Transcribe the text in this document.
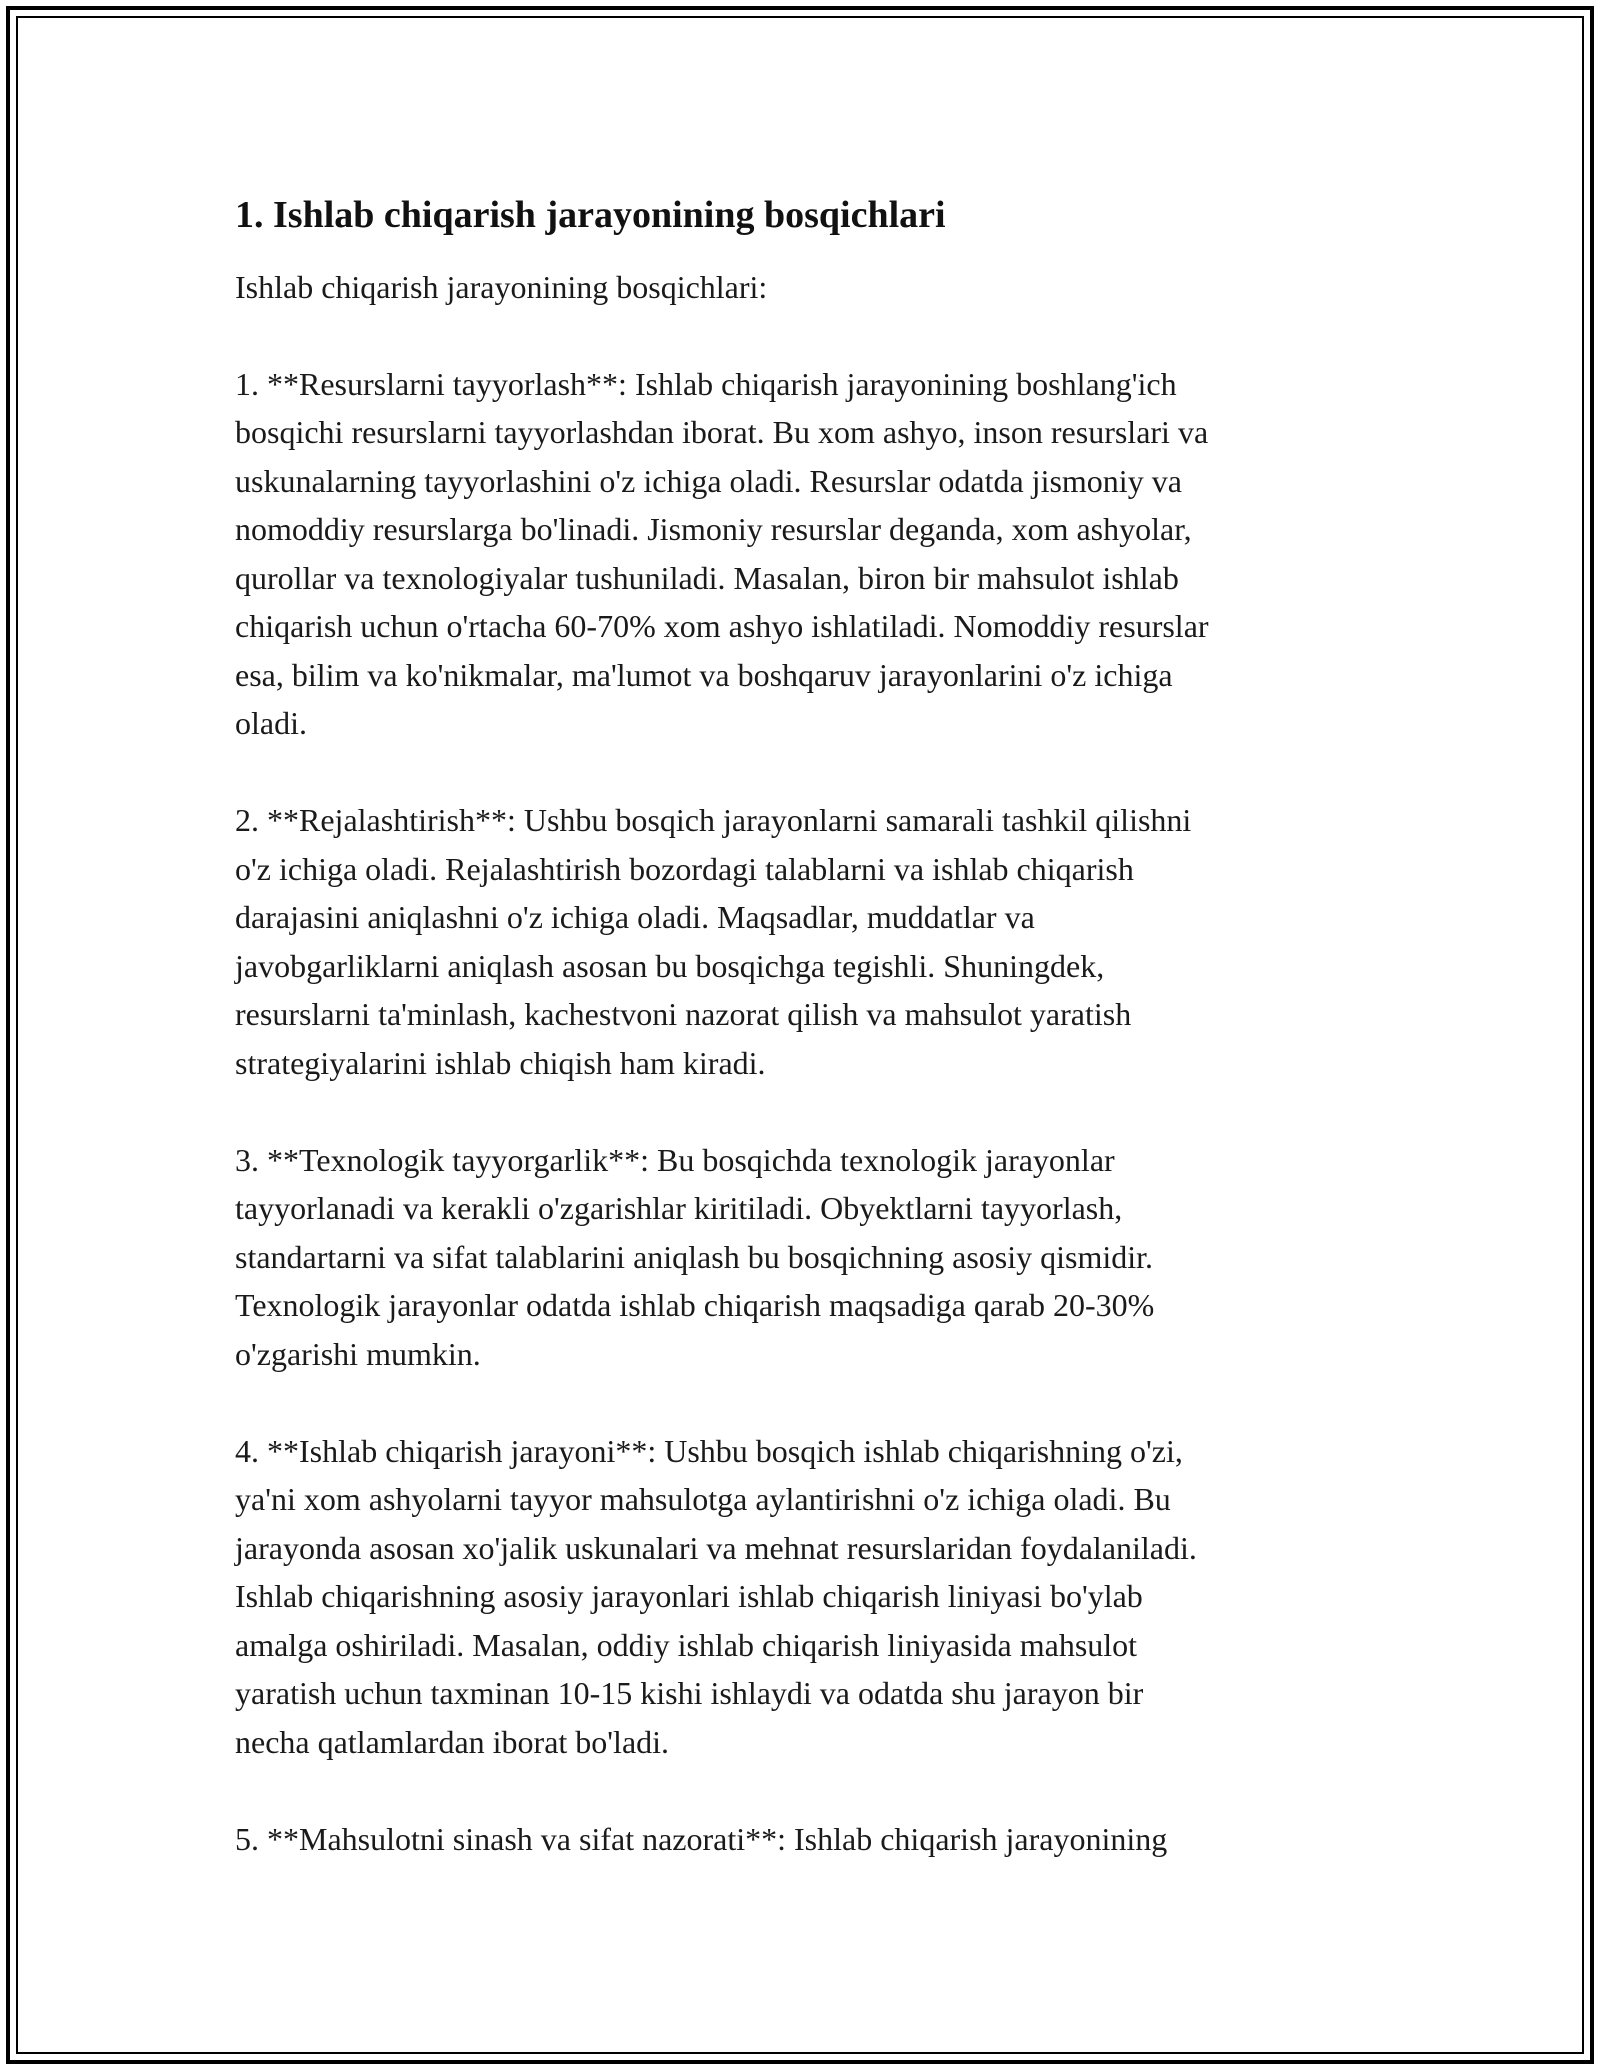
1. Ishlab chiqarish jarayonining bosqichlari

Ishlab chiqarish jarayonining bosqichlari:

1. **Resurslarni tayyorlash**: Ishlab chiqarish jarayonining boshlang'ich
bosqichi resurslarni tayyorlashdan iborat. Bu xom ashyo, inson resurslari va
uskunalarning tayyorlashini o'z ichiga oladi. Resurslar odatda jismoniy va
nomoddiy resurslarga bo'linadi. Jismoniy resurslar deganda, xom ashyolar,
qurollar va texnologiyalar tushuniladi. Masalan, biron bir mahsulot ishlab
chiqarish uchun o'rtacha 60-70% xom ashyo ishlatiladi. Nomoddiy resurslar
esa, bilim va ko'nikmalar, ma'lumot va boshqaruv jarayonlarini o'z ichiga
oladi.

2. **Rejalashtirish**: Ushbu bosqich jarayonlarni samarali tashkil qilishni
o'z ichiga oladi. Rejalashtirish bozordagi talablarni va ishlab chiqarish
darajasini aniqlashni o'z ichiga oladi. Maqsadlar, muddatlar va
javobgarliklarni aniqlash asosan bu bosqichga tegishli. Shuningdek,
resurslarni ta'minlash, kachestvoni nazorat qilish va mahsulot yaratish
strategiyalarini ishlab chiqish ham kiradi.

3. **Texnologik tayyorgarlik**: Bu bosqichda texnologik jarayonlar
tayyorlanadi va kerakli o'zgarishlar kiritiladi. Obyektlarni tayyorlash,
standartarni va sifat talablarini aniqlash bu bosqichning asosiy qismidir.
Texnologik jarayonlar odatda ishlab chiqarish maqsadiga qarab 20-30%
o'zgarishi mumkin.

4. **Ishlab chiqarish jarayoni**: Ushbu bosqich ishlab chiqarishning o'zi,
ya'ni xom ashyolarni tayyor mahsulotga aylantirishni o'z ichiga oladi. Bu
jarayonda asosan xo'jalik uskunalari va mehnat resurslaridan foydalaniladi.
Ishlab chiqarishning asosiy jarayonlari ishlab chiqarish liniyasi bo'ylab
amalga oshiriladi. Masalan, oddiy ishlab chiqarish liniyasida mahsulot
yaratish uchun taxminan 10-15 kishi ishlaydi va odatda shu jarayon bir
necha qatlamlardan iborat bo'ladi.

5. **Mahsulotni sinash va sifat nazorati**: Ishlab chiqarish jarayonining
